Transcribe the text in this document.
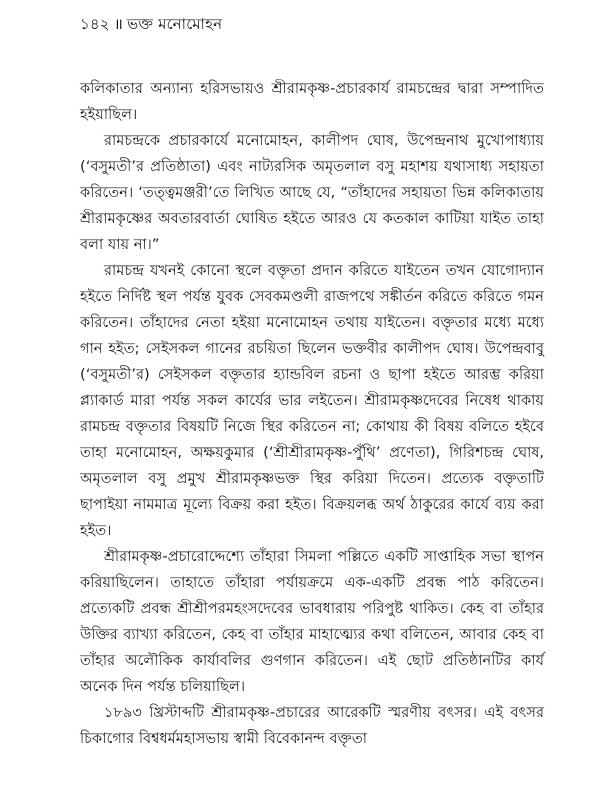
১৪২ ॥ ভক্ত মনোমোহন

কলিকাতার অন্যান্য হরিসভায়ও শ্রীরামকৃষ্ণ-প্রচারকার্য রামচন্দ্রের দ্বারা সম্পাদিত হইয়াছিল।

রামচন্দ্রকে প্রচারকার্যে মনোমোহন, কালীপদ ঘোষ, উপেন্দ্রনাথ মুখোপাধ্যায় (‘বসুমতী’র প্রতিষ্ঠাতা) এবং নাট্যরসিক অমৃতলাল বসু মহাশয় যথাসাধ্য সহায়তা করিতেন। ‘তত্ত্বমঞ্জরী’তে লিখিত আছে যে, “তাঁহাদের সহায়তা ভিন্ন কলিকাতায় শ্রীরামকৃষ্ণের অবতারবার্তা ঘোষিত হইতে আরও যে কতকাল কাটিয়া যাইত তাহা বলা যায় না।”

রামচন্দ্র যখনই কোনো স্থলে বক্তৃতা প্রদান করিতে যাইতেন তখন যোগোদ্যান হইতে নির্দিষ্ট স্থল পর্যন্ত যুবক সেবকমণ্ডলী রাজপথে সঙ্কীর্তন করিতে করিতে গমন করিতেন। তাঁহাদের নেতা হইয়া মনোমোহন তথায় যাইতেন। বক্তৃতার মধ্যে মধ্যে গান হইত; সেইসকল গানের রচয়িতা ছিলেন ভক্তবীর কালীপদ ঘোষ। উপেন্দ্রবাবু (‘বসুমতী’র) সেইসকল বক্তৃতার হ্যান্ডবিল রচনা ও ছাপা হইতে আরম্ভ করিয়া প্ল্যাকার্ড মারা পর্যন্ত সকল কার্যের ভার লইতেন। শ্রীরামকৃষ্ণদেবের নিষেধ থাকায় রামচন্দ্র বক্তৃতার বিষয়টি নিজে স্থির করিতেন না; কোথায় কী বিষয় বলিতে হইবে তাহা মনোমোহন, অক্ষয়কুমার (‘শ্রীশ্রীরামকৃষ্ণ-পুঁথি’ প্রণেতা), গিরিশচন্দ্র ঘোষ, অমৃতলাল বসু প্রমুখ শ্রীরামকৃষ্ণভক্ত স্থির করিয়া দিতেন। প্রত্যেক বক্তৃতাটি ছাপাইয়া নামমাত্র মূল্যে বিক্রয় করা হইত। বিক্রয়লব্ধ অর্থ ঠাকুরের কার্যে ব্যয় করা হইত।

শ্রীরামকৃষ্ণ-প্রচারোদ্দেশ্যে তাঁহারা সিমলা পল্লিতে একটি সাপ্তাহিক সভা স্থাপন করিয়াছিলেন। তাহাতে তাঁহারা পর্যায়ক্রমে এক-একটি প্রবন্ধ পাঠ করিতেন। প্রত্যেকটি প্রবন্ধ শ্রীশ্রীপরমহংসদেবের ভাবধারায় পরিপুষ্ট থাকিত। কেহ বা তাঁহার উক্তির ব্যাখ্যা করিতেন, কেহ বা তাঁহার মাহাত্ম্যের কথা বলিতেন, আবার কেহ বা তাঁহার অলৌকিক কার্যাবলির গুণগান করিতেন। এই ছোট প্রতিষ্ঠানটির কার্য অনেক দিন পর্যন্ত চলিয়াছিল।

১৮৯৩ খ্রিস্টাব্দটি শ্রীরামকৃষ্ণ-প্রচারের আরেকটি স্মরণীয় বৎসর। এই বৎসর চিকাগোর বিশ্বধর্মমহাসভায় স্বামী বিবেকানন্দ বক্তৃতা
